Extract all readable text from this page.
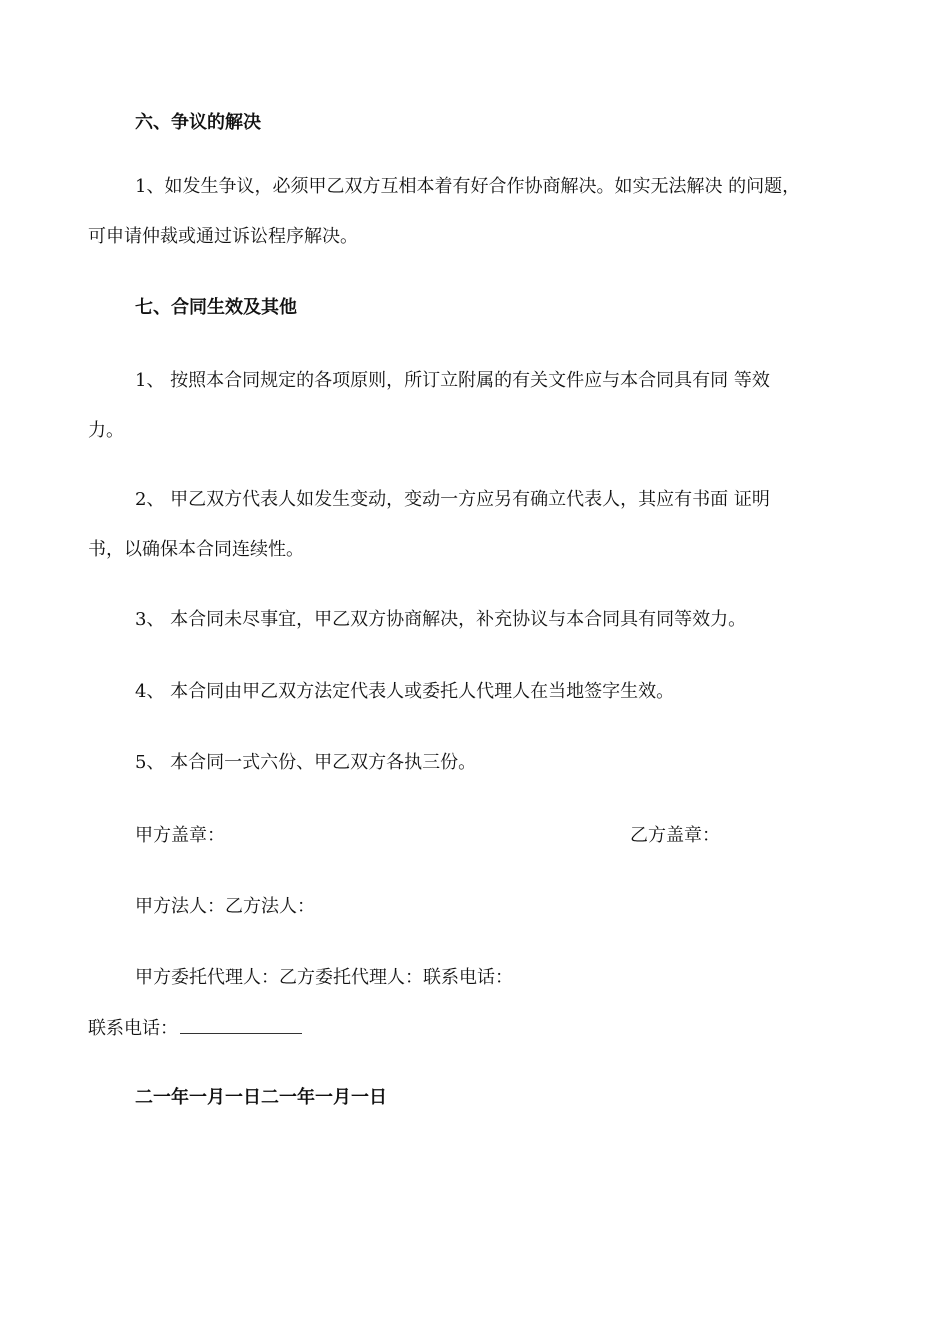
六、争议的解决
1、如发生争议，必须甲乙双方互相本着有好合作协商解决。如实无法解决 的问题，
可申请仲裁或通过诉讼程序解决。
七、合同生效及其他
1、 按照本合同规定的各项原则，所订立附属的有关文件应与本合同具有同 等效
力。
2、 甲乙双方代表人如发生变动，变动一方应另有确立代表人，其应有书面 证明
书，以确保本合同连续性。
3、 本合同未尽事宜，甲乙双方协商解决，补充协议与本合同具有同等效力。
4、 本合同由甲乙双方法定代表人或委托人代理人在当地签字生效。
5、 本合同一式六份、甲乙双方各执三份。
甲方盖章：	乙方盖章：
甲方法人：乙方法人：
甲方委托代理人：乙方委托代理人：联系电话：
联系电话：
二一年一月一日二一年一月一日
